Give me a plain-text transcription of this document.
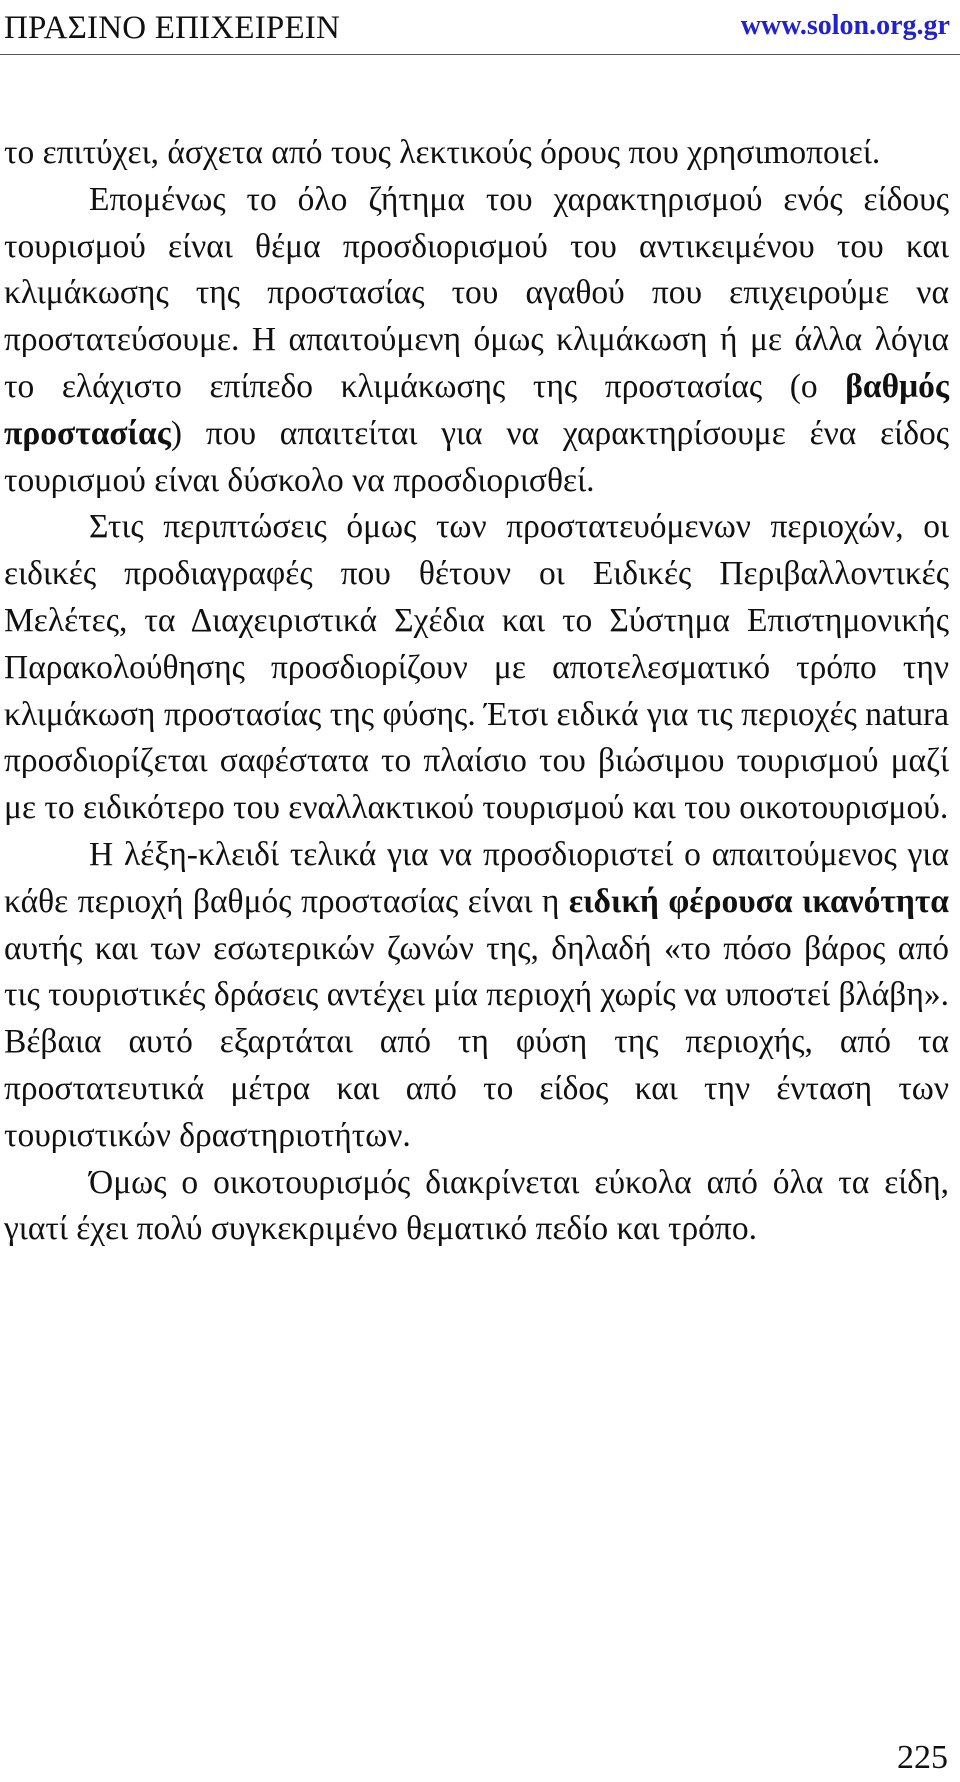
ΠΡΑΣΙΝΟ ΕΠΙΧΕΙΡΕΙΝ	www.solon.org.gr

το επιτύχει, άσχετα από τους λεκτικούς όρους που χρησιmοποιεί.

Επομένως το όλο ζήτημα του χαρακτηρισμού ενός είδους τουρισμού είναι θέμα προσδιορισμού του αντικειμένου του και κλιμάκωσης της προστασίας του αγαθού που επιχειρούμε να προστατεύσουμε. Η απαιτούμενη όμως κλιμάκωση ή με άλλα λόγια το ελάχιστο επίπεδο κλιμάκωσης της προστασίας (ο βαθμός προστασίας) που απαιτείται για να χαρακτηρίσουμε ένα είδος τουρισμού είναι δύσκολο να προσδιορισθεί.

Στις περιπτώσεις όμως των προστατευόμενων περιοχών, οι ειδικές προδιαγραφές που θέτουν οι Ειδικές Περιβαλλοντικές Μελέτες, τα Διαχειριστικά Σχέδια και το Σύστημα Επιστημονικής Παρακολούθησης προσδιορίζουν με αποτελεσματικό τρόπο την κλιμάκωση προστασίας της φύσης. Έτσι ειδικά για τις περιοχές natura προσδιορίζεται σαφέστατα το πλαίσιο του βιώσιμου τουρισμού μαζί με το ειδικότερο του εναλλακτικού τουρισμού και του οικοτουρισμού.

Η λέξη-κλειδί τελικά για να προσδιοριστεί ο απαιτούμενος για κάθε περιοχή βαθμός προστασίας είναι η ειδική φέρουσα ικανότητα αυτής και των εσωτερικών ζωνών της, δηλαδή «το πόσο βάρος από τις τουριστικές δράσεις αντέχει μία περιοχή χωρίς να υποστεί βλάβη». Βέβαια αυτό εξαρτάται από τη φύση της περιοχής, από τα προστατευτικά μέτρα και από το είδος και την ένταση των τουριστικών δραστηριοτήτων.

Όμως ο οικοτουρισμός διακρίνεται εύκολα από όλα τα είδη, γιατί έχει πολύ συγκεκριμένο θεματικό πεδίο και τρόπο.

225
